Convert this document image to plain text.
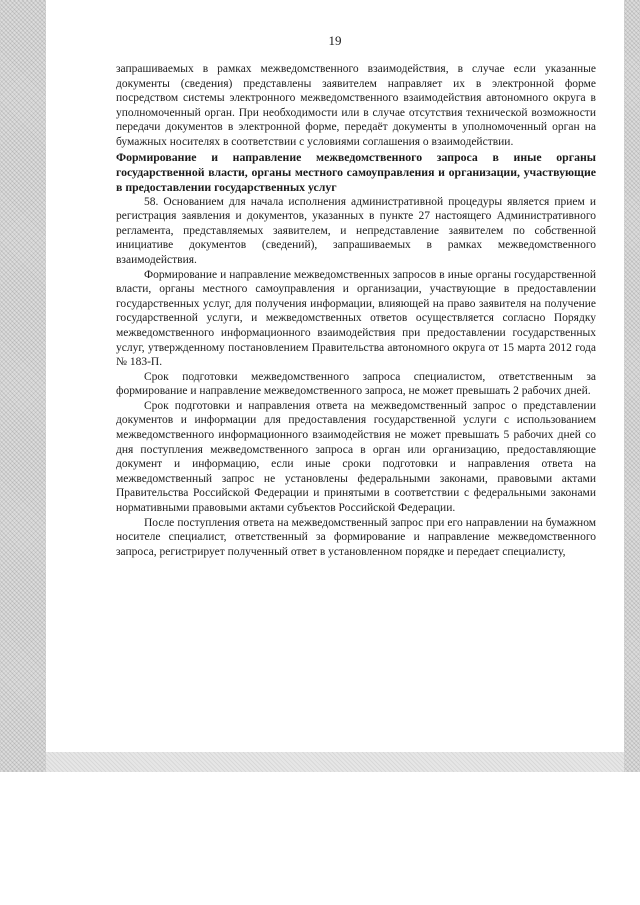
19

запрашиваемых в рамках межведомственного взаимодействия, в случае если указанные документы (сведения) представлены заявителем направляет их в электронной форме посредством системы электронного межведомственного взаимодействия автономного округа в уполномоченный орган. При необходимости или в случае отсутствия технической возможности передачи документов в электронной форме, передаёт документы в уполномоченный орган на бумажных носителях в соответствии с условиями соглашения о взаимодействии.

Формирование и направление межведомственного запроса в иные органы государственной власти, органы местного самоуправления и организации, участвующие в предоставлении государственных услуг

58. Основанием для начала исполнения административной процедуры является прием и регистрация заявления и документов, указанных в пункте 27 настоящего Административного регламента, представляемых заявителем, и непредставление заявителем по собственной инициативе документов (сведений), запрашиваемых в рамках межведомственного взаимодействия.

Формирование и направление межведомственных запросов в иные органы государственной власти, органы местного самоуправления и организации, участвующие в предоставлении государственных услуг, для получения информации, влияющей на право заявителя на получение государственной услуги, и межведомственных ответов осуществляется согласно Порядку межведомственного информационного взаимодействия при предоставлении государственных услуг, утвержденному постановлением Правительства автономного округа от 15 марта 2012 года № 183-П.

Срок подготовки межведомственного запроса специалистом, ответственным за формирование и направление межведомственного запроса, не может превышать 2 рабочих дней.

Срок подготовки и направления ответа на межведомственный запрос о представлении документов и информации для предоставления государственной услуги с использованием межведомственного информационного взаимодействия не может превышать 5 рабочих дней со дня поступления межведомственного запроса в орган или организацию, предоставляющие документ и информацию, если иные сроки подготовки и направления ответа на межведомственный запрос не установлены федеральными законами, правовыми актами Правительства Российской Федерации и принятыми в соответствии с федеральными законами нормативными правовыми актами субъектов Российской Федерации.

После поступления ответа на межведомственный запрос при его направлении на бумажном носителе специалист, ответственный за формирование и направление межведомственного запроса, регистрирует полученный ответ в установленном порядке и передает специалисту,
